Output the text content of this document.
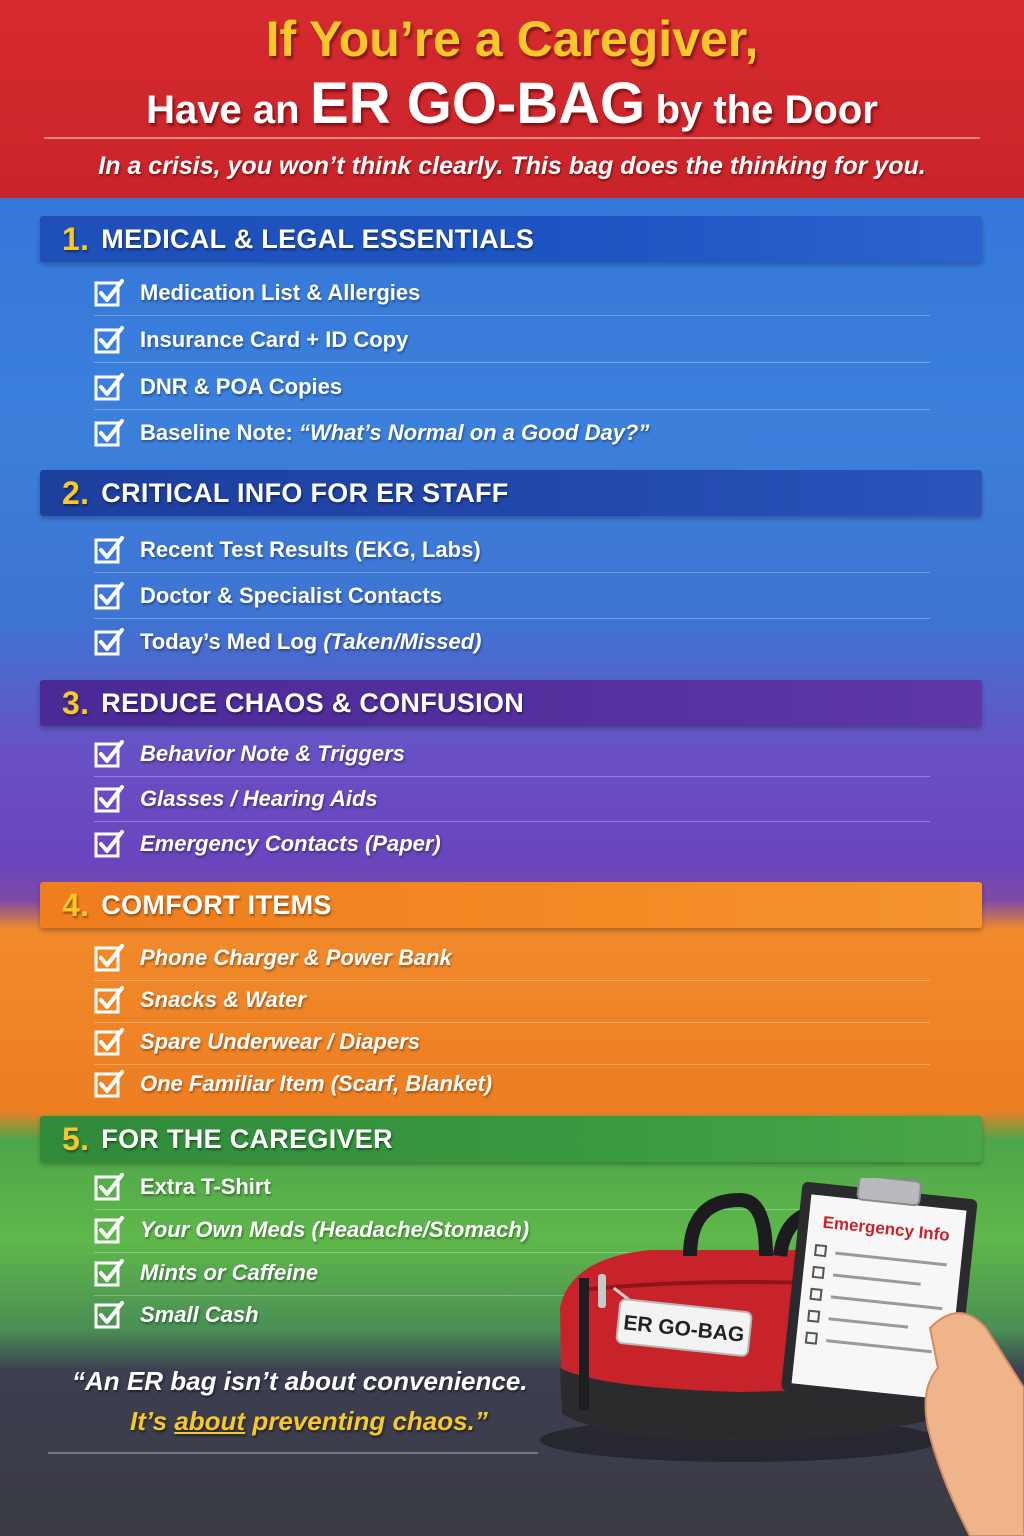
If You’re a Caregiver,
Have an ER GO-BAG by the Door
In a crisis, you won’t think clearly. This bag does the thinking for you.
1. MEDICAL & LEGAL ESSENTIALS
Medication List & Allergies
Insurance Card + ID Copy
DNR & POA Copies
Baseline Note: “What’s Normal on a Good Day?”
2. CRITICAL INFO FOR ER STAFF
Recent Test Results (EKG, Labs)
Doctor & Specialist Contacts
Today’s Med Log (Taken/Missed)
3. REDUCE CHAOS & CONFUSION
Behavior Note & Triggers
Glasses / Hearing Aids
Emergency Contacts (Paper)
4. COMFORT ITEMS
Phone Charger & Power Bank
Snacks & Water
Spare Underwear / Diapers
One Familiar Item (Scarf, Blanket)
5. FOR THE CAREGIVER
Extra T-Shirt
Your Own Meds (Headache/Stomach)
Mints or Caffeine
Small Cash
“An ER bag isn’t about convenience.
It’s about preventing chaos.”
ER GO-BAG
Emergency Info
